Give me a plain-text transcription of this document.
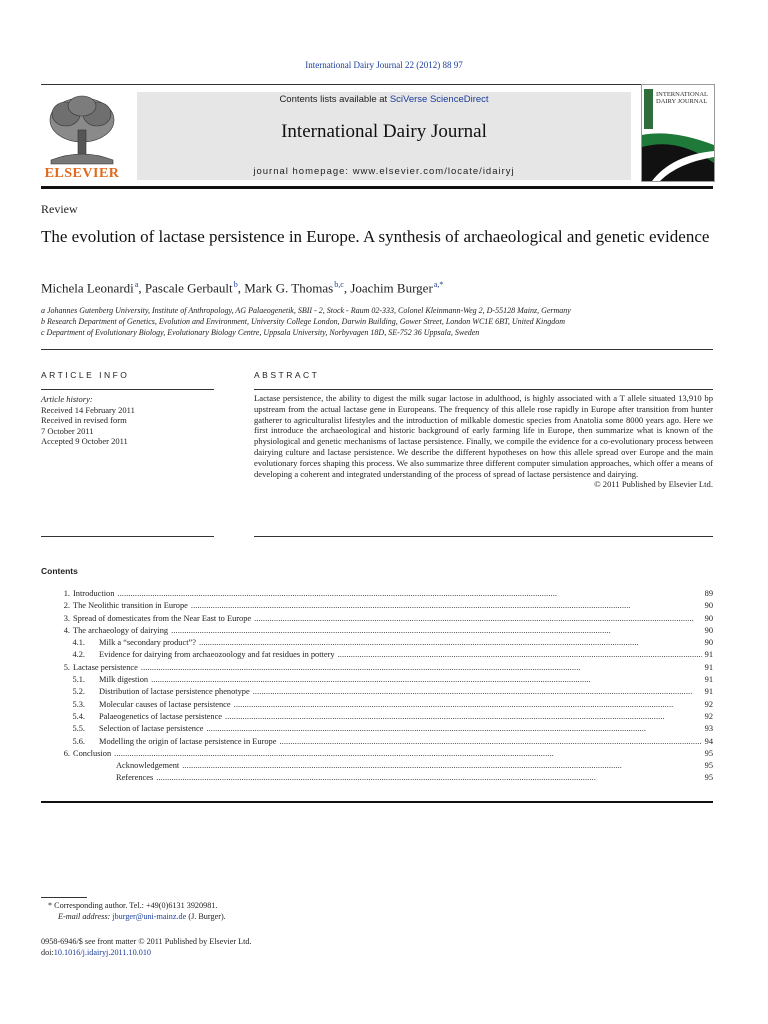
International Dairy Journal 22 (2012) 88 97
ELSEVIER
Contents lists available at SciVerse ScienceDirect
International Dairy Journal
journal homepage: www.elsevier.com/locate/idairyj
INTERNATIONAL DAIRY JOURNAL
Review
The evolution of lactase persistence in Europe. A synthesis of archaeological and genetic evidence
Michela Leonardi $^a$, Pascale Gerbault $^b$, Mark G. Thomas $^{b,c}$, Joachim Burger $^{a,*}$
a Johannes Gutenberg University, Institute of Anthropology, AG Palaeogenetik, SBII - 2, Stock - Raum 02-333, Colonel Kleinmann-Weg 2, D-55128 Mainz, Germany
b Research Department of Genetics, Evolution and Environment, University College London, Darwin Building, Gower Street, London WC1E 6BT, United Kingdom
c Department of Evolutionary Biology, Evolutionary Biology Centre, Uppsala University, Norbyvagen 18D, SE-752 36 Uppsala, Sweden
ARTICLE INFO
Article history:
Received 14 February 2011
Received in revised form
7 October 2011
Accepted 9 October 2011
ABSTRACT
Lactase persistence, the ability to digest the milk sugar lactose in adulthood, is highly associated with a T allele situated 13,910 bp upstream from the actual lactase gene in Europeans. The frequency of this allele rose rapidly in Europe after transition from hunter gatherer to agriculturalist lifestyles and the introduction of milkable domestic species from Anatolia some 8000 years ago. Here we first introduce the archaeological and historic background of early farming life in Europe, then summarize what is known of the physiological and genetic mechanisms of lactase persistence. Finally, we compile the evidence for a co-evolutionary process between dairying culture and lactase persistence. We describe the different hypotheses on how this allele spread over Europe and the main evolutionary forces shaping this process. We also summarize three different computer simulation approaches, which offer a means of developing a coherent and integrated understanding of the process of spread of lactase persistence and dairying.
© 2011 Published by Elsevier Ltd.
Contents
1. Introduction . . .	89
2. The Neolithic transition in Europe . . .	90
3. Spread of domesticates from the Near East to Europe . . .	90
4. The archaeology of dairying . . .	90
4.1.	Milk a “secondary product”? . . .	90
4.2.	Evidence for dairying from archaeozoology and fat residues in pottery . . .	91
5. Lactase persistence . . .	91
5.1.	Milk digestion . . .	91
5.2.	Distribution of lactase persistence phenotype . . .	91
5.3.	Molecular causes of lactase persistence . . .	92
5.4.	Palaeogenetics of lactase persistence . . .	92
5.5.	Selection of lactase persistence . . .	93
5.6.	Modelling the origin of lactase persistence in Europe . . .	94
6. Conclusion . . .	95
Acknowledgement . . .	95
References . . .	95
* Corresponding author. Tel.: +49(0)6131 3920981.
E-mail address: jburger@uni-mainz.de (J. Burger).
0958-6946/$ see front matter © 2011 Published by Elsevier Ltd.
doi:10.1016/j.idairyj.2011.10.010
